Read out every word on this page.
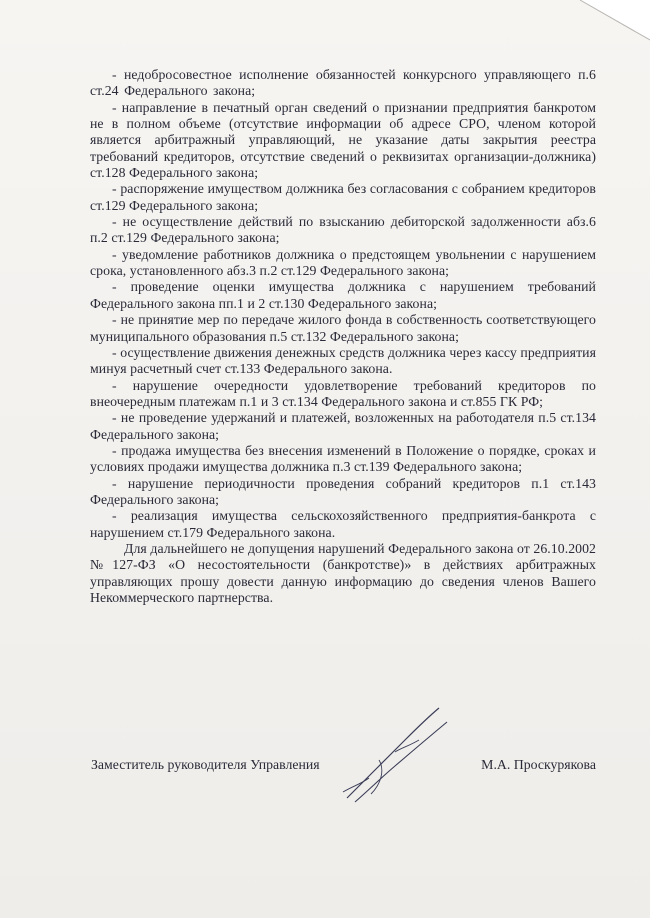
- недобросовестное исполнение обязанностей конкурсного управляющего п.6 ст.24 Федерального закона;

- направление в печатный орган сведений о признании предприятия банкротом не в полном объеме (отсутствие информации об адресе СРО, членом которой является арбитражный управляющий, не указание даты закрытия реестра требований кредиторов, отсутствие сведений о реквизитах организации-должника) ст.128 Федерального закона;

- распоряжение имуществом должника без согласования с собранием кредиторов ст.129 Федерального закона;

- не осуществление действий по взысканию дебиторской задолженности абз.6 п.2 ст.129 Федерального закона;

- уведомление работников должника о предстоящем увольнении с нарушением срока, установленного абз.3 п.2 ст.129 Федерального закона;

- проведение оценки имущества должника с нарушением требований Федерального закона пп.1 и 2 ст.130 Федерального закона;

- не принятие мер по передаче жилого фонда в собственность соответствующего муниципального образования п.5 ст.132 Федерального закона;

- осуществление движения денежных средств должника через кассу предприятия минуя расчетный счет ст.133 Федерального закона.

- нарушение очередности удовлетворение требований кредиторов по внеочередным платежам п.1 и 3 ст.134 Федерального закона и ст.855 ГК РФ;

- не проведение удержаний и платежей, возложенных на работодателя п.5 ст.134 Федерального закона;

- продажа имущества без внесения изменений в Положение о порядке, сроках и условиях продажи имущества должника п.3 ст.139 Федерального закона;

- нарушение периодичности проведения собраний кредиторов п.1 ст.143 Федерального закона;

- реализация имущества сельскохозяйственного предприятия-банкрота с нарушением ст.179 Федерального закона.

Для дальнейшего не допущения нарушений Федерального закона от 26.10.2002 №127-ФЗ «О несостоятельности (банкротстве)» в действиях арбитражных управляющих прошу довести данную информацию до сведения членов Вашего Некоммерческого партнерства.

Заместитель руководителя Управления	М.А. Проскурякова
